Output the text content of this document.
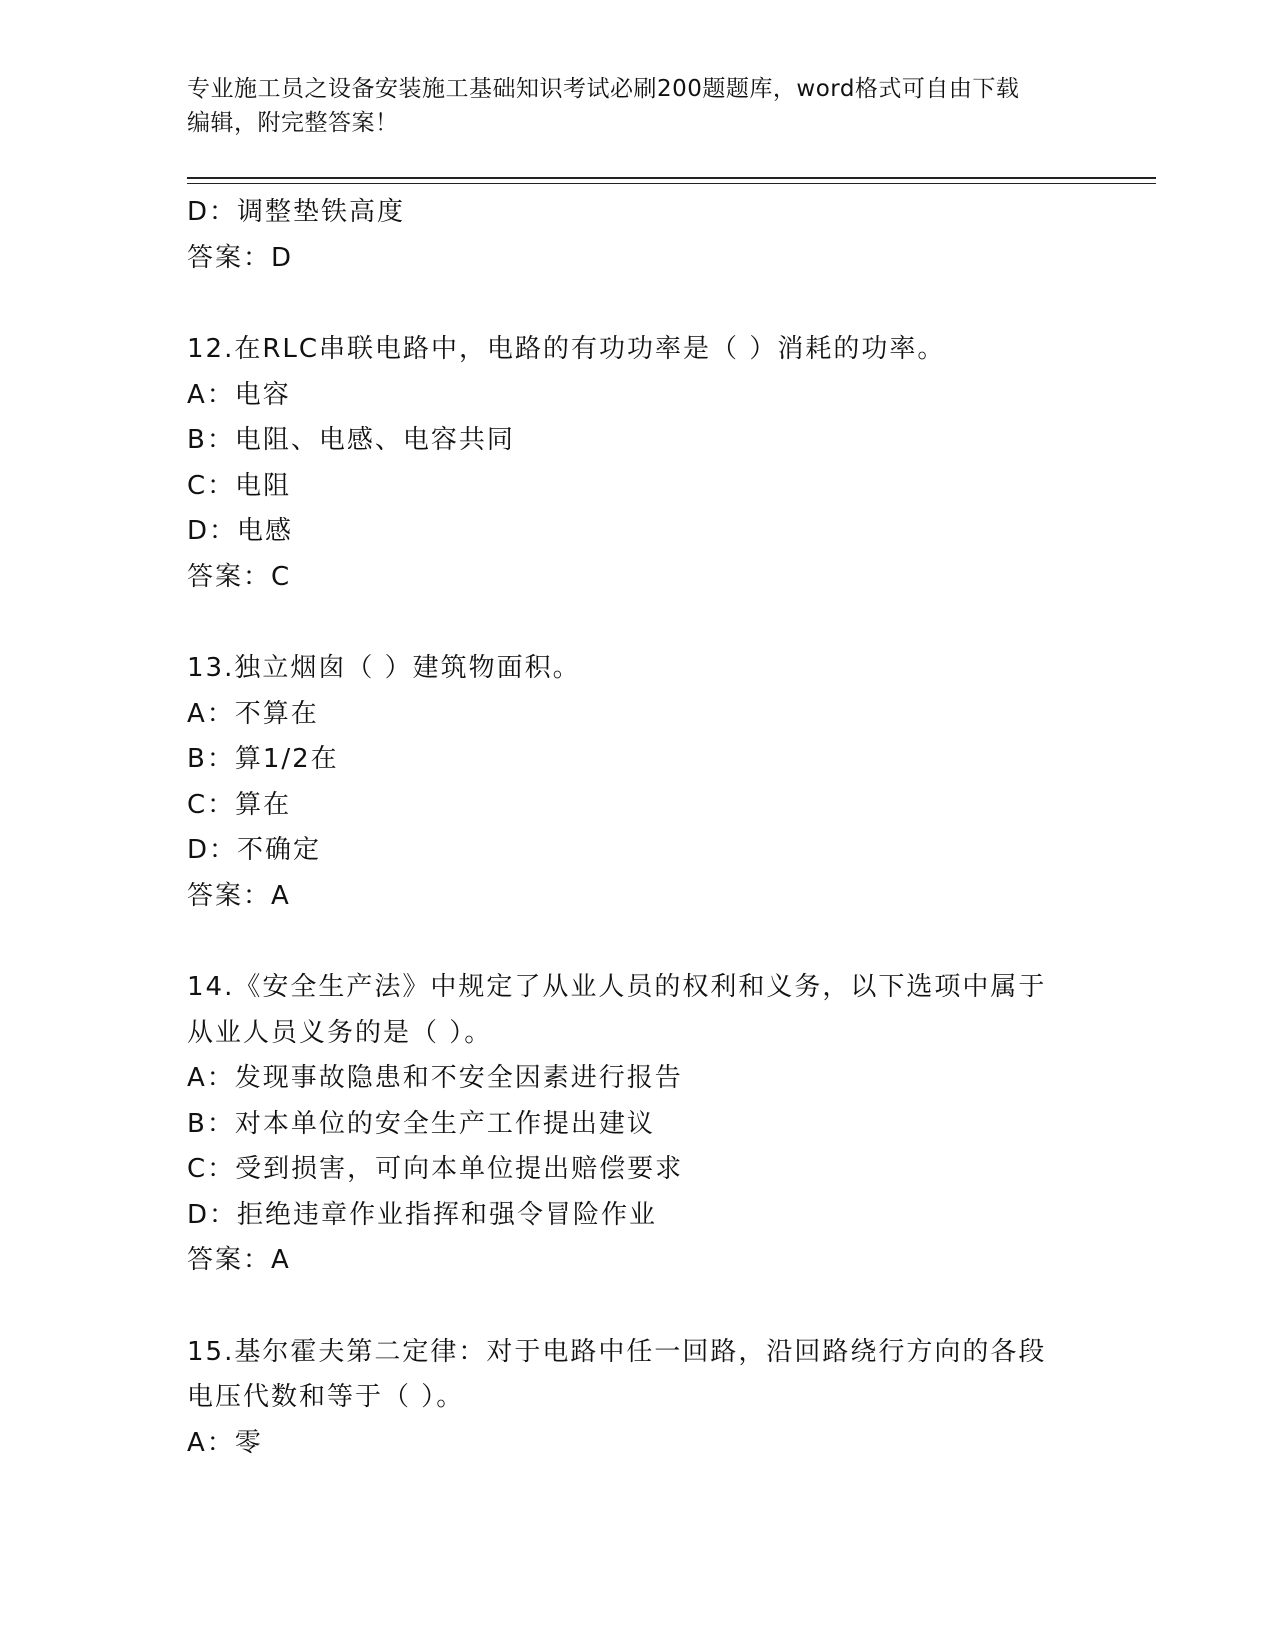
专业施工员之设备安装施工基础知识考试必刷200题题库，word格式可自由下载
编辑，附完整答案！
D：调整垫铁高度
答案：D
12.在RLC串联电路中，电路的有功功率是（ ）消耗的功率。
A：电容
B：电阻、电感、电容共同
C：电阻
D：电感
答案：C
13.独立烟囱（ ）建筑物面积。
A：不算在
B：算1/2在
C：算在
D：不确定
答案：A
14.《安全生产法》中规定了从业人员的权利和义务，以下选项中属于
从业人员义务的是（ ）。
A：发现事故隐患和不安全因素进行报告
B：对本单位的安全生产工作提出建议
C：受到损害，可向本单位提出赔偿要求
D：拒绝违章作业指挥和强令冒险作业
答案：A
15.基尔霍夫第二定律：对于电路中任一回路，沿回路绕行方向的各段
电压代数和等于（ ）。
A：零
